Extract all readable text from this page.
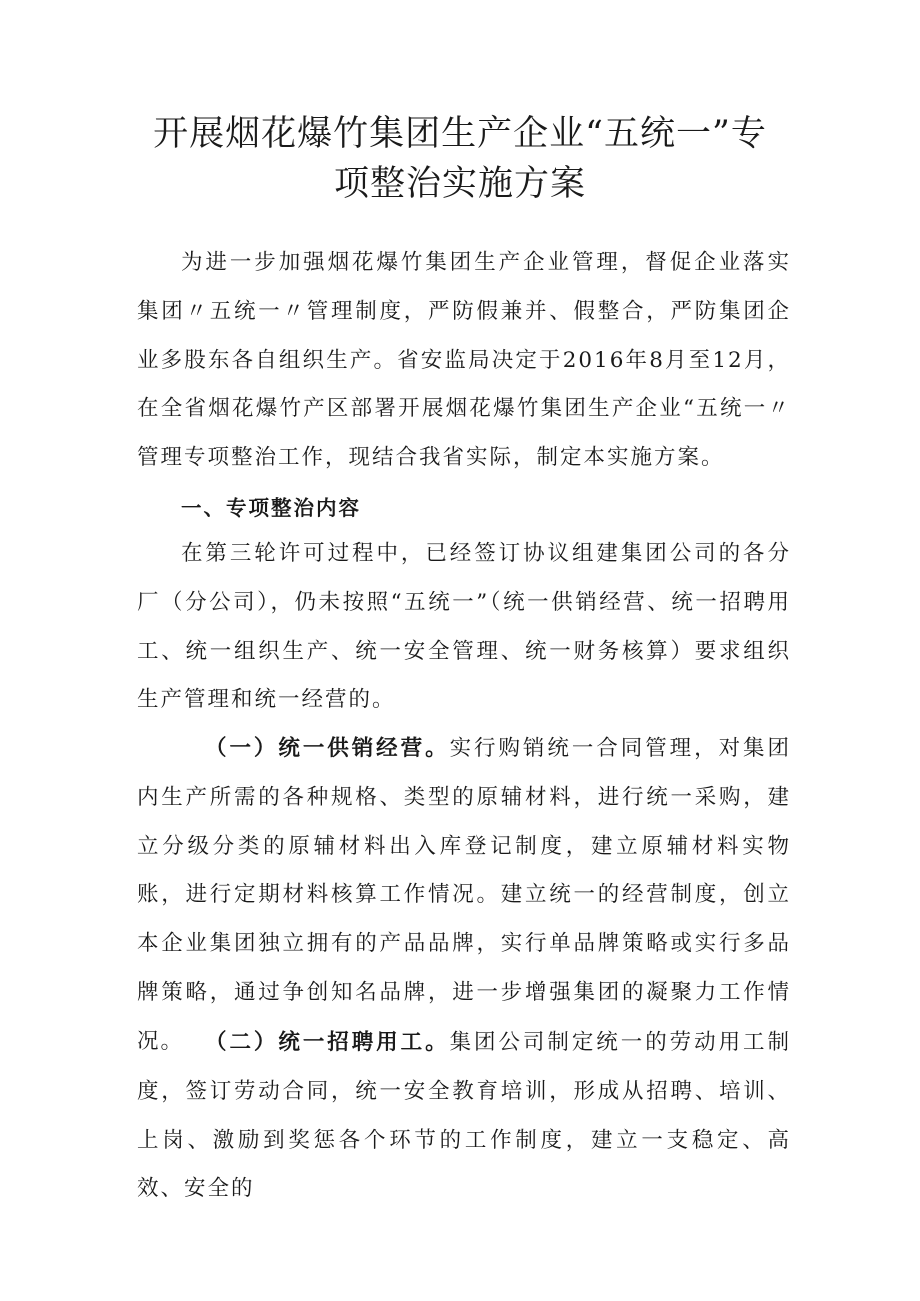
开展烟花爆竹集团生产企业“五统一”专
项整治实施方案

为进一步加强烟花爆竹集团生产企业管理，督促企业落实集团〃五统一〃管理制度，严防假兼并、假整合，严防集团企业多股东各自组织生产。省安监局决定于2016年8月至12月，在全省烟花爆竹产区部署开展烟花爆竹集团生产企业“五统一〃管理专项整治工作，现结合我省实际，制定本实施方案。

一、专项整治内容

在第三轮许可过程中，已经签订协议组建集团公司的各分厂（分公司），仍未按照“五统一”（统一供销经营、统一招聘用工、统一组织生产、统一安全管理、统一财务核算）要求组织生产管理和统一经营的。

（一）统一供销经营。实行购销统一合同管理，对集团内生产所需的各种规格、类型的原辅材料，进行统一采购，建立分级分类的原辅材料出入库登记制度，建立原辅材料实物账，进行定期材料核算工作情况。建立统一的经营制度，创立本企业集团独立拥有的产品品牌，实行单品牌策略或实行多品牌策略，通过争创知名品牌，进一步增强集团的凝聚力工作情况。 （二）统一招聘用工。集团公司制定统一的劳动用工制度，签订劳动合同，统一安全教育培训，形成从招聘、培训、上岗、激励到奖惩各个环节的工作制度，建立一支稳定、高效、安全的
